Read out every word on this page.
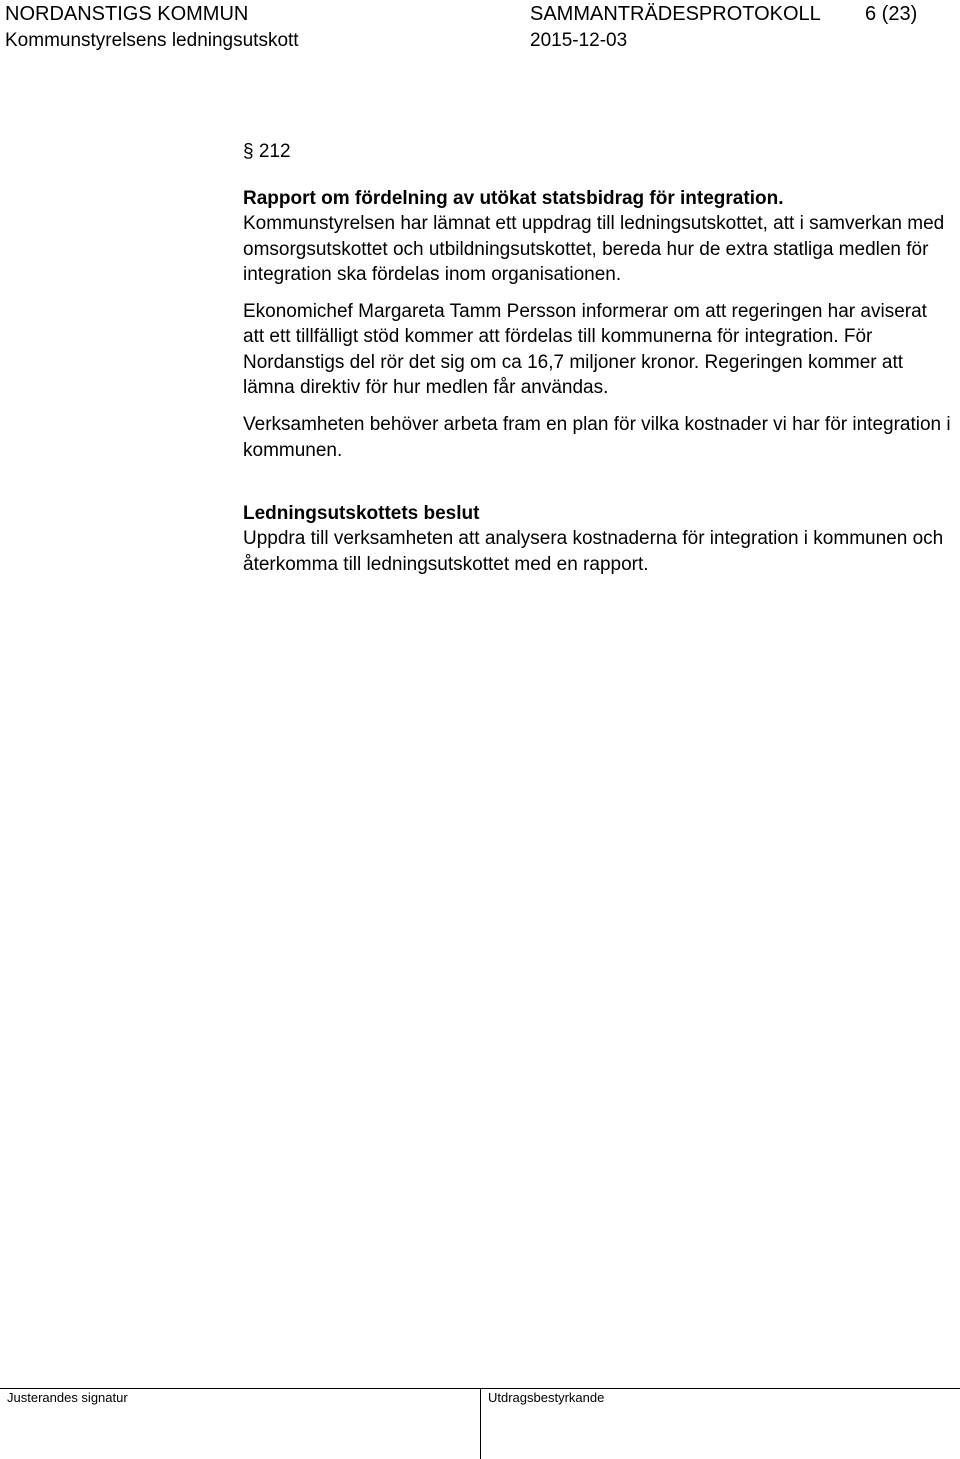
NORDANSTIGS KOMMUN	SAMMANTRÄDESPROTOKOLL 6 (23)
Kommunstyrelsens ledningsutskott	2015-12-03
§ 212

Rapport om fördelning av utökat statsbidrag för integration.

Kommunstyrelsen har lämnat ett uppdrag till ledningsutskottet, att i samverkan med omsorgsutskottet och utbildningsutskottet, bereda hur de extra statliga medlen för integration ska fördelas inom organisationen.

Ekonomichef Margareta Tamm Persson informerar om att regeringen har aviserat att ett tillfälligt stöd kommer att fördelas till kommunerna för integration. För Nordanstigs del rör det sig om ca 16,7 miljoner kronor. Regeringen kommer att lämna direktiv för hur medlen får användas.

Verksamheten behöver arbeta fram en plan för vilka kostnader vi har för integration i kommunen.

Ledningsutskottets beslut

Uppdra till verksamheten att analysera kostnaderna för integration i kommunen och återkomma till ledningsutskottet med en rapport.

Justerandes signatur	Utdragsbestyrkande
